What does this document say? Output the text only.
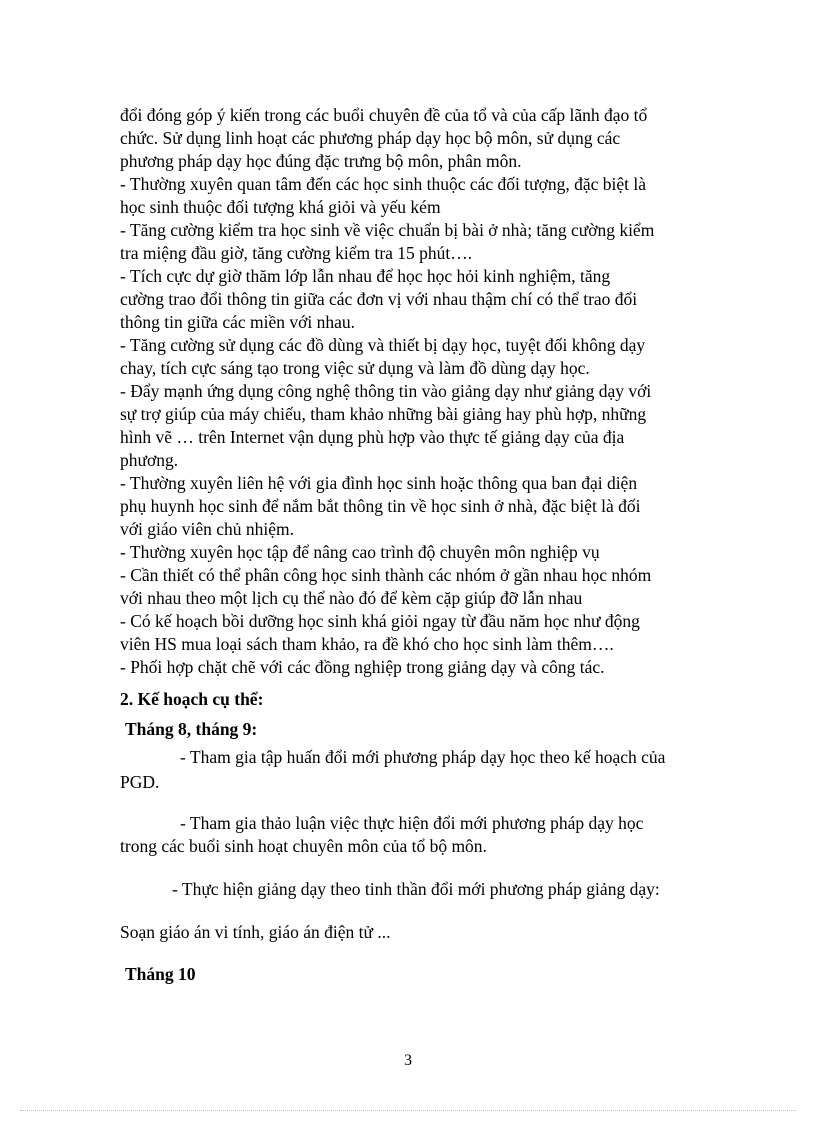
đổi đóng góp ý kiến trong các buổi chuyên đề của tổ và của cấp lãnh đạo tổ
chức. Sử dụng linh hoạt các phương pháp dạy học bộ môn, sử dụng các
phương pháp dạy học đúng đặc trưng bộ môn, phân môn.
- Thường xuyên quan tâm đến các học sinh thuộc các đối tượng, đặc biệt là
học sinh thuộc đối tượng khá giỏi và yếu kém
- Tăng cường kiểm tra học sinh về việc chuẩn bị bài ở nhà; tăng cường kiểm
tra miệng đầu giờ, tăng cường kiểm tra 15 phút….
- Tích cực dự giờ thăm lớp lẫn nhau để học học hỏi kinh nghiệm, tăng
cường trao đổi thông tin giữa các đơn vị với nhau thậm chí có thể trao đổi
thông tin giữa các miền với nhau.
- Tăng cường sử dụng các đồ dùng và thiết bị dạy học, tuyệt đối không dạy
chay, tích cực sáng tạo trong việc sử dụng và làm đồ dùng dạy học.
- Đẩy mạnh ứng dụng công nghệ thông tin vào giảng dạy như giảng dạy với
sự trợ giúp của máy chiếu, tham khảo những bài giảng hay phù hợp, những
hình vẽ … trên Internet vận dụng phù hợp vào thực tế giảng dạy của địa
phương.
- Thường xuyên liên hệ với gia đình học sinh hoặc thông qua ban đại diện
phụ huynh học sinh để nắm bắt thông tin về học sinh ở nhà, đặc biệt là đối
với giáo viên chủ nhiệm.
- Thường xuyên học tập để nâng cao trình độ chuyên môn nghiệp vụ
- Cần thiết có thể phân công học sinh thành các nhóm ở gần nhau học nhóm
với nhau theo một lịch cụ thể nào đó để kèm cặp giúp đỡ lẫn nhau
- Có kế hoạch bồi dưỡng học sinh khá giỏi ngay từ đầu năm học như động
viên HS mua loại sách tham khảo, ra đề khó cho học sinh làm thêm….
- Phối hợp chặt chẽ với các đồng nghiệp trong giảng dạy và công tác.
2. Kế hoạch cụ thể:
Tháng 8, tháng 9:
- Tham gia tập huấn đổi mới phương pháp dạy học theo kế hoạch của
PGD.
- Tham gia thảo luận việc thực hiện đổi mới phương pháp dạy học
trong các buổi sinh hoạt chuyên môn của tổ bộ môn.
- Thực hiện giảng dạy theo tinh thần đổi mới phương pháp giảng dạy:
Soạn giáo án vi tính, giáo án điện tử ...
Tháng 10
3
